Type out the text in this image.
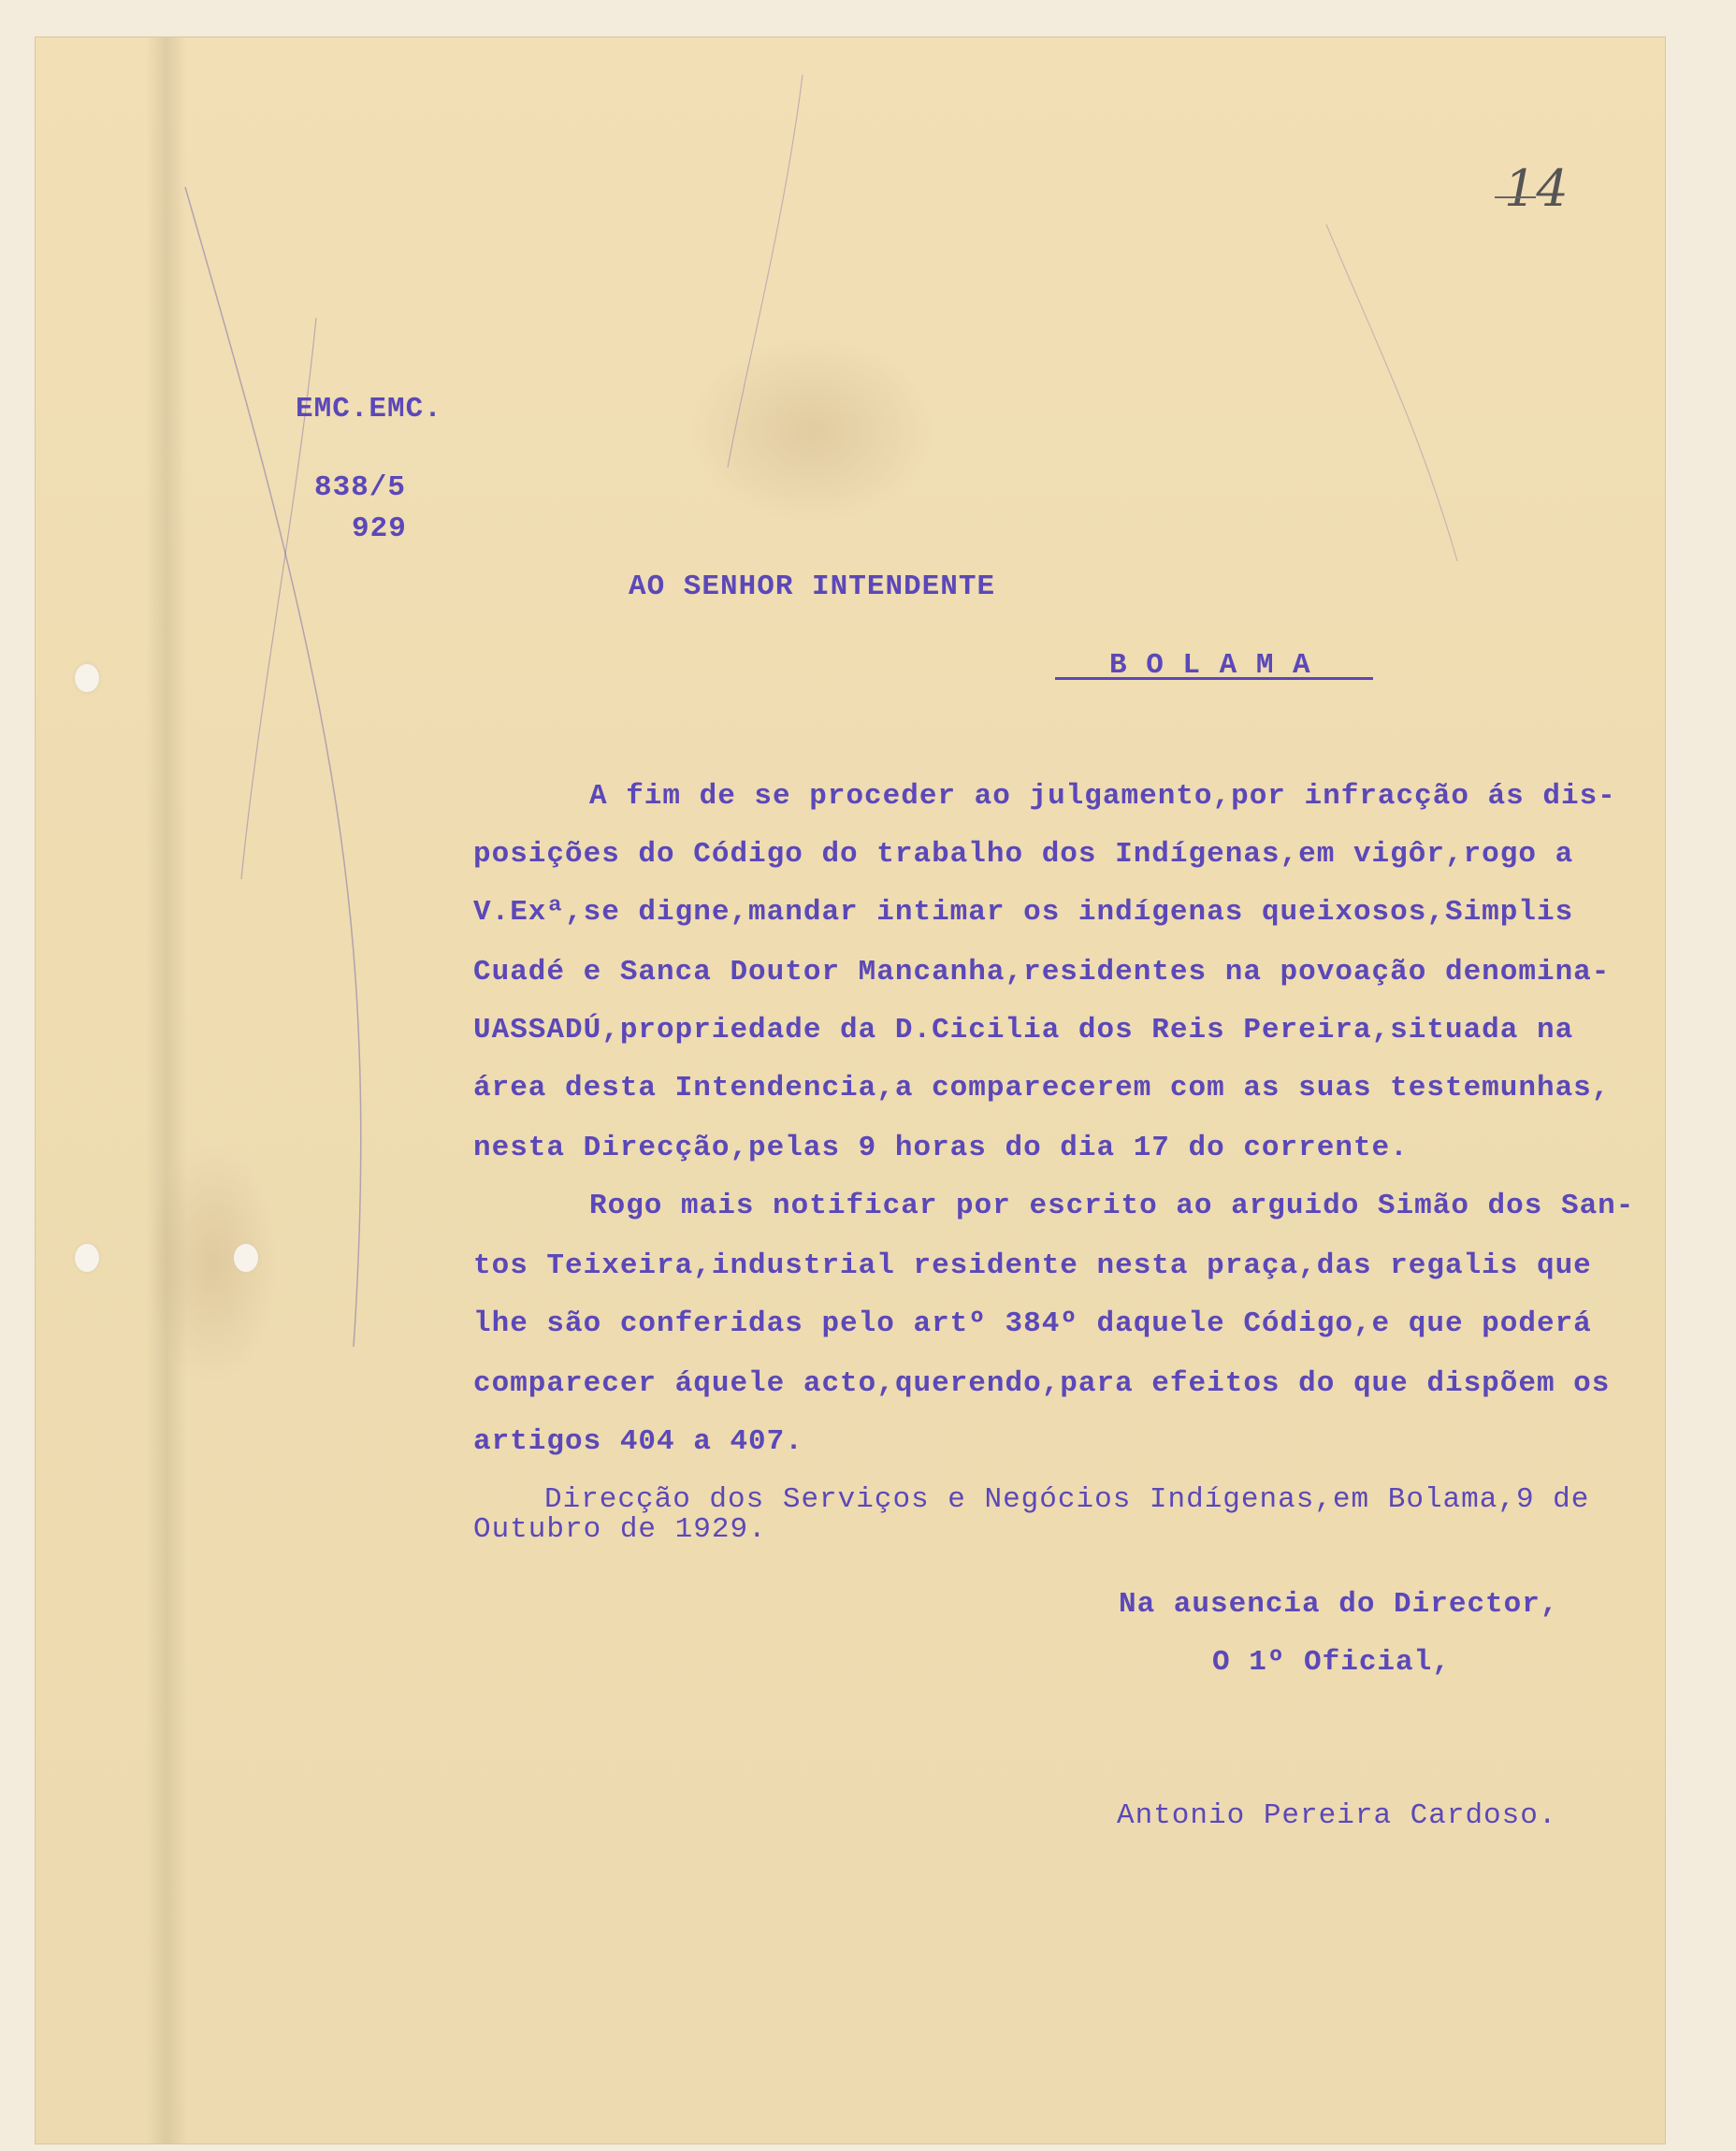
14
EMC.EMC.
838/5
929
AO SENHOR INTENDENTE
B O L A M A
A fim de se proceder ao julgamento,por infracção ás dis-
posições do Código do trabalho dos Indígenas,em vigôr,rogo a
V.Exª,se digne,mandar intimar os indígenas queixosos,Simplis
Cuadé e Sanca Doutor Mancanha,residentes na povoação denomina-
UASSADÚ,propriedade da D.Cicilia dos Reis Pereira,situada na
área desta Intendencia,a comparecerem com as suas testemunhas,
nesta Direcção,pelas 9 horas do dia 17 do corrente.
Rogo mais notificar por escrito ao arguido Simão dos San-
tos Teixeira,industrial residente nesta praça,das regalis que
lhe são conferidas pelo artº 384º daquele Código,e que poderá
comparecer áquele acto,querendo,para efeitos do que dispõem os
artigos 404 a 407.
Direcção dos Serviços e Negócios Indígenas,em Bolama,9 de
Outubro de 1929.
Na ausencia do Director,
O 1º Oficial,
Antonio Pereira Cardoso.
